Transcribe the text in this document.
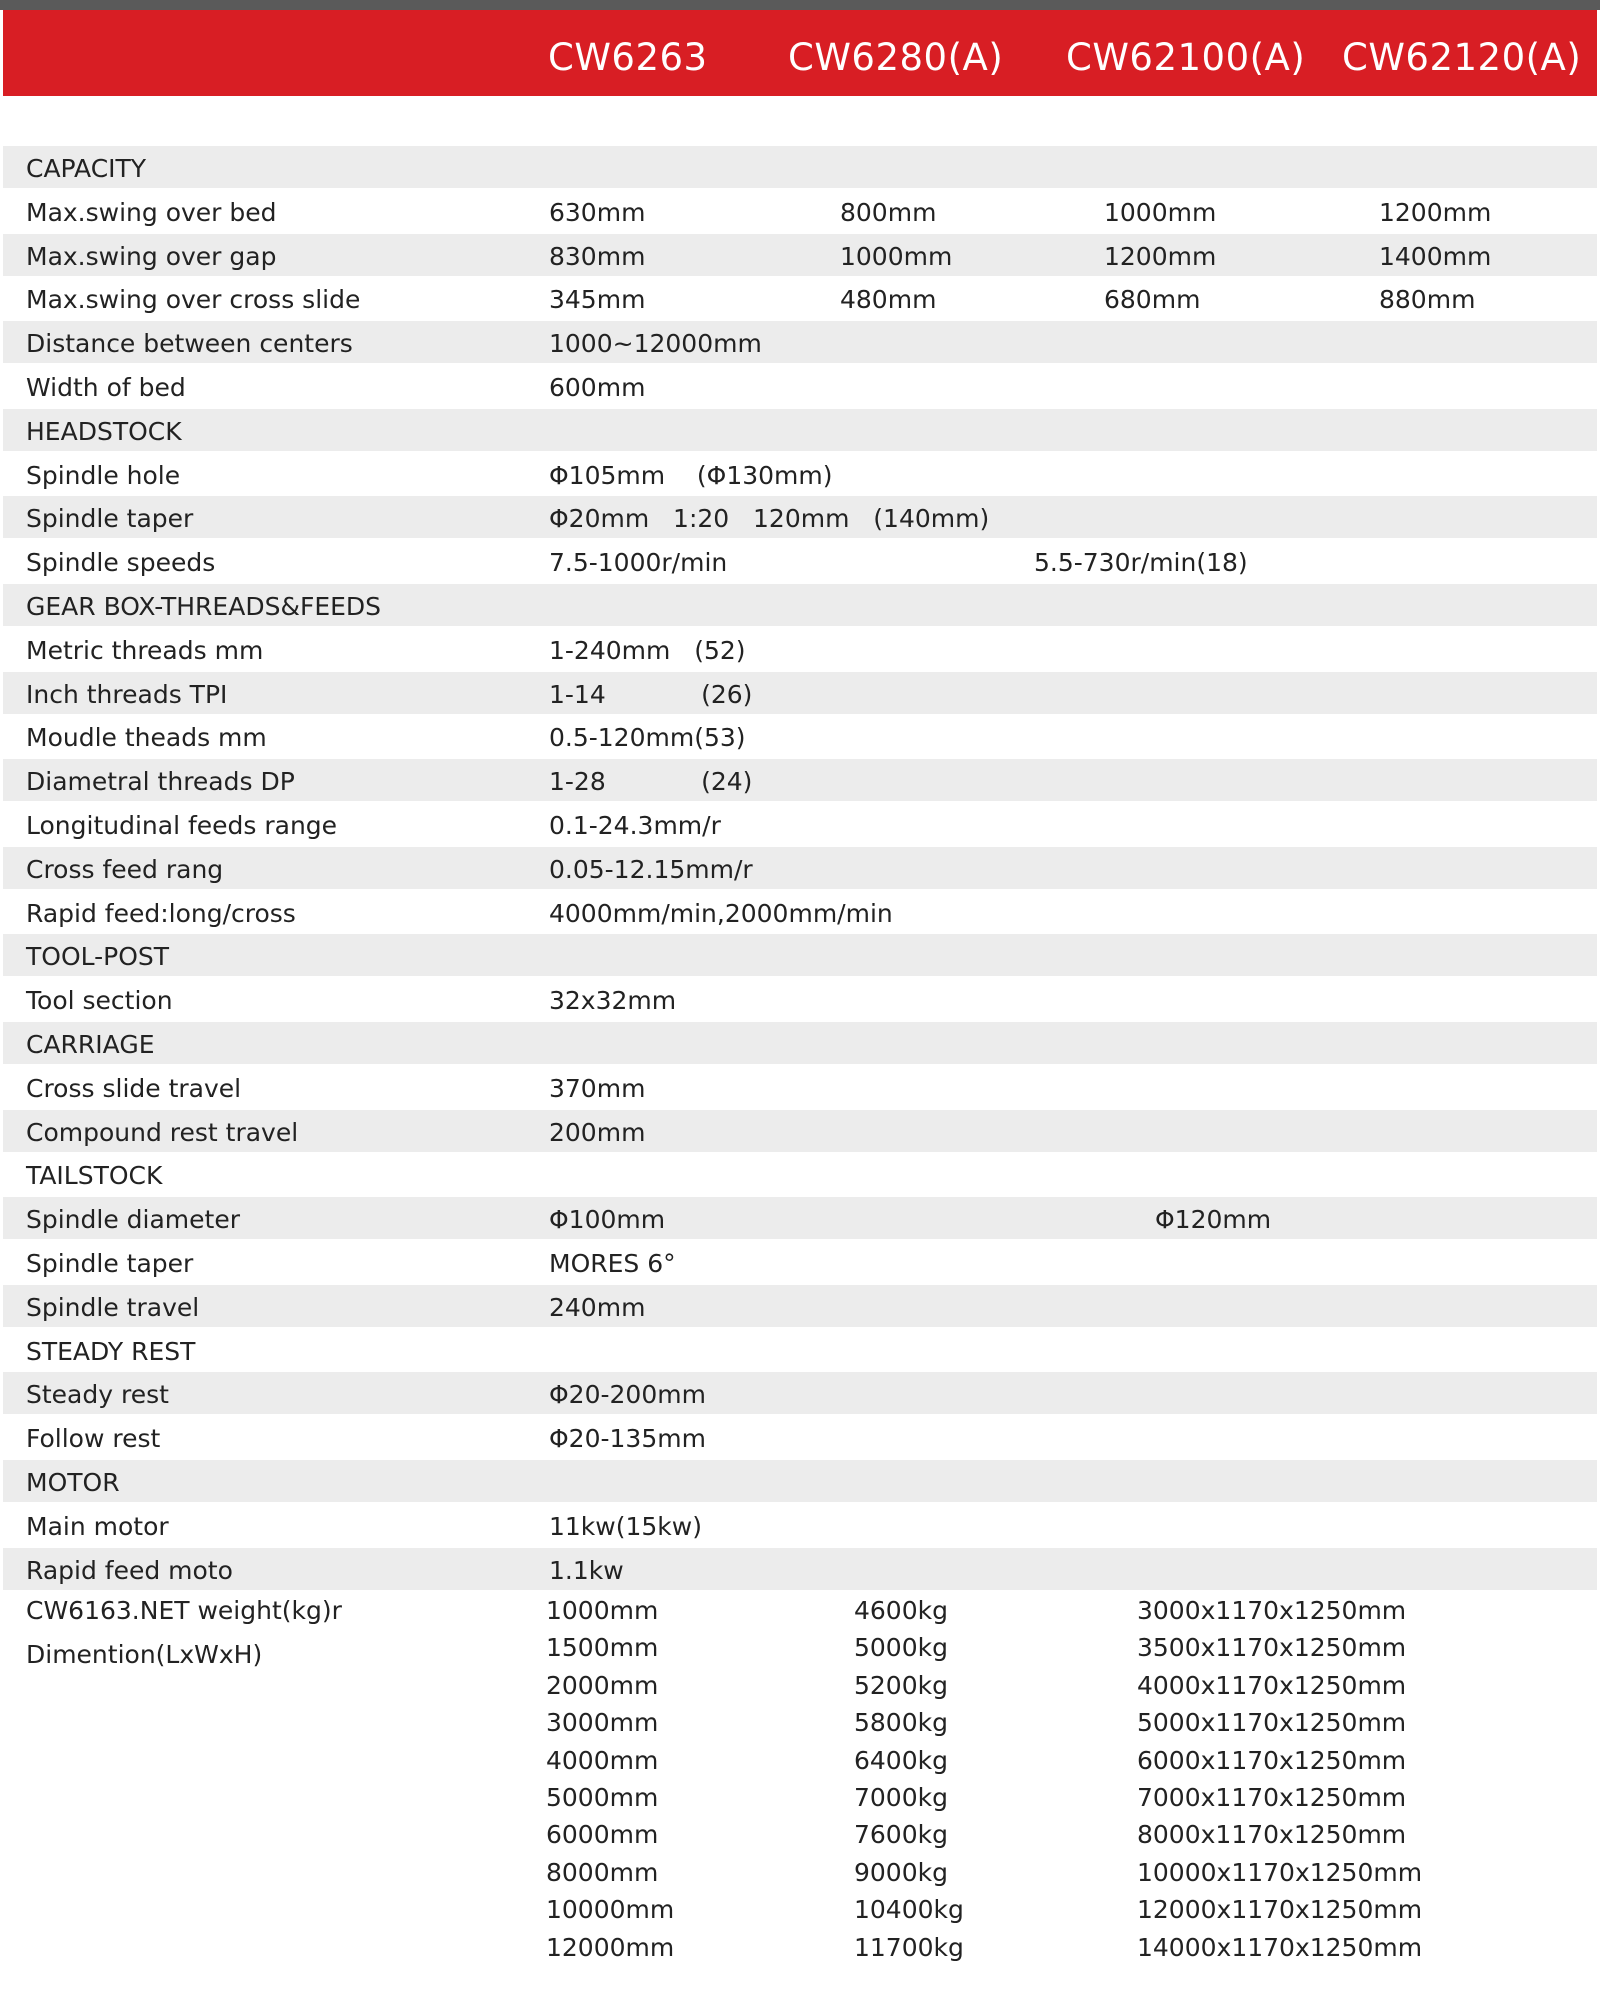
CW6263 CW6280(A) CW62100(A) CW62120(A)
CAPACITY
Max.swing over bed	630mm	800mm	1000mm	1200mm
Max.swing over gap	830mm	1000mm	1200mm	1400mm
Max.swing over cross slide	345mm	480mm	680mm	880mm
Distance between centers	1000~12000mm
Width of bed	600mm
HEADSTOCK
Spindle hole	Φ105mm    (Φ130mm)
Spindle taper	Φ20mm   1:20   120mm   (140mm)
Spindle speeds	7.5-1000r/min	5.5-730r/min(18)
GEAR BOX-THREADS&FEEDS
Metric threads mm	1-240mm   (52)
Inch threads TPI	1-14            (26)
Moudle theads mm	0.5-120mm(53)
Diametral threads DP	1-28            (24)
Longitudinal feeds range	0.1-24.3mm/r
Cross feed rang	0.05-12.15mm/r
Rapid feed:long/cross	4000mm/min,2000mm/min
TOOL-POST
Tool section	32x32mm
CARRIAGE
Cross slide travel	370mm
Compound rest travel	200mm
TAILSTOCK
Spindle diameter	Φ100mm	Φ120mm
Spindle taper	MORES 6°
Spindle travel	240mm
STEADY REST
Steady rest	Φ20-200mm
Follow rest	Φ20-135mm
MOTOR
Main motor	11kw(15kw)
Rapid feed moto	1.1kw
CW6163.NET weight(kg)r
Dimention(LxWxH)
1000mm	4600kg	3000x1170x1250mm
1500mm	5000kg	3500x1170x1250mm
2000mm	5200kg	4000x1170x1250mm
3000mm	5800kg	5000x1170x1250mm
4000mm	6400kg	6000x1170x1250mm
5000mm	7000kg	7000x1170x1250mm
6000mm	7600kg	8000x1170x1250mm
8000mm	9000kg	10000x1170x1250mm
10000mm	10400kg	12000x1170x1250mm
12000mm	11700kg	14000x1170x1250mm
